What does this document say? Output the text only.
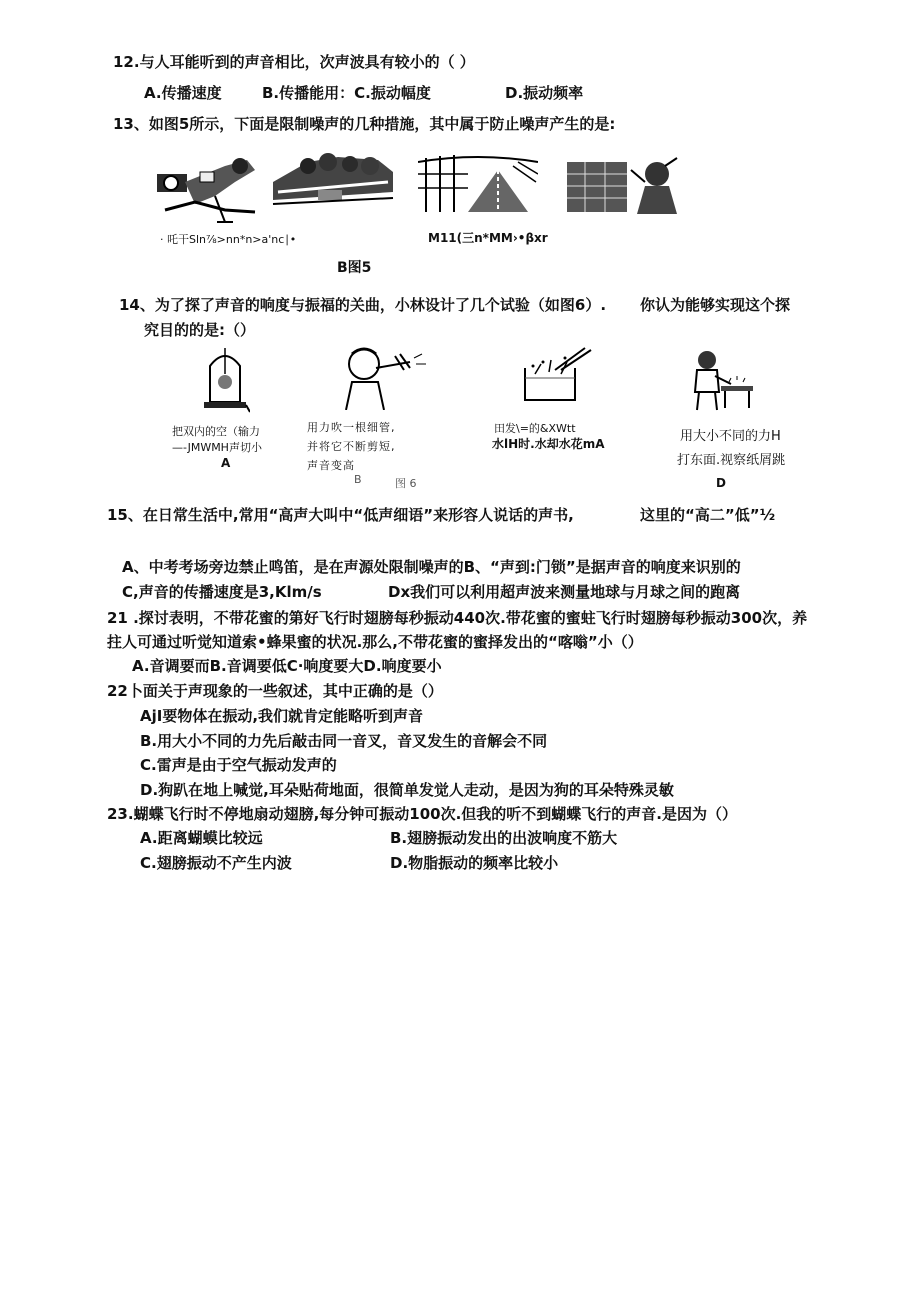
12.与人耳能听到的声音相比，次声波具有较小的（ ）
A.传播速度	B.传播能用：C.振动幅度	D.振动频率
13、如图5所示，下面是限制噪声的几种措施，其中属于防止噪声产生的是:
· 吒干Sln⅞>nn*n>a'nc∣•	M11(三n*MM›•βxr
B图5
14、为了探了声音的响度与振福的关曲，小林设计了几个试验（如图6）. 你认为能够实现这个探
究目的的是:（）
把双内的空（输力
—-JMWMH声切小
A
用力吹一根细管,
并将它不断剪短,
声音变高
B	图 6
田发\=的&XWtt
水lH时.水却水花mA	用大小不同的力H
打东面.视察纸屑跳
D
15、在日常生活中,常用“高声大叫中“低声细语”来形容人说话的声书,	这里的“高二”低”½
A、中考考场旁边禁止鸣笛，是在声源处限制噪声的B、“声到:门锁”是据声音的响度来识别的
C,声音的传播速度是3,Klm/s	Dx我们可以利用超声波来测量地球与月球之间的跑离
21 .探讨表明，不带花蜜的第好飞行时翅膀每秒振动440次.带花蜜的蜜蛀飞行时翅膀每秒振动300次，养
拄人可通过听觉知道索•蜂果蜜的状况.那么,不带花蜜的蜜择发出的“喀嗡”小（）
A.音调要而B.音调要低C·响度要大D.响度要小
22卜面关于声现象的一些叙述，其中正确的是（）
AjI要物体在振动,我们就肯定能略听到声音
B.用大小不同的力先后敲击同一音叉，音叉发生的音解会不同
C.雷声是由于空气振动发声的
D.狗趴在地上喊觉,耳朵贴荷地面，很简单发觉人走动，是因为狗的耳朵特殊灵敏
23.蝴蝶飞行时不停地扇动翅膀,每分钟可振动100次.但我的听不到蝴蝶飞行的声音.是因为（）
A.距离蝴蟆比较远	B.翅膀振动发出的出波响度不筋大
C.翅膀振动不产生内波	D.物脂振动的频率比较小
